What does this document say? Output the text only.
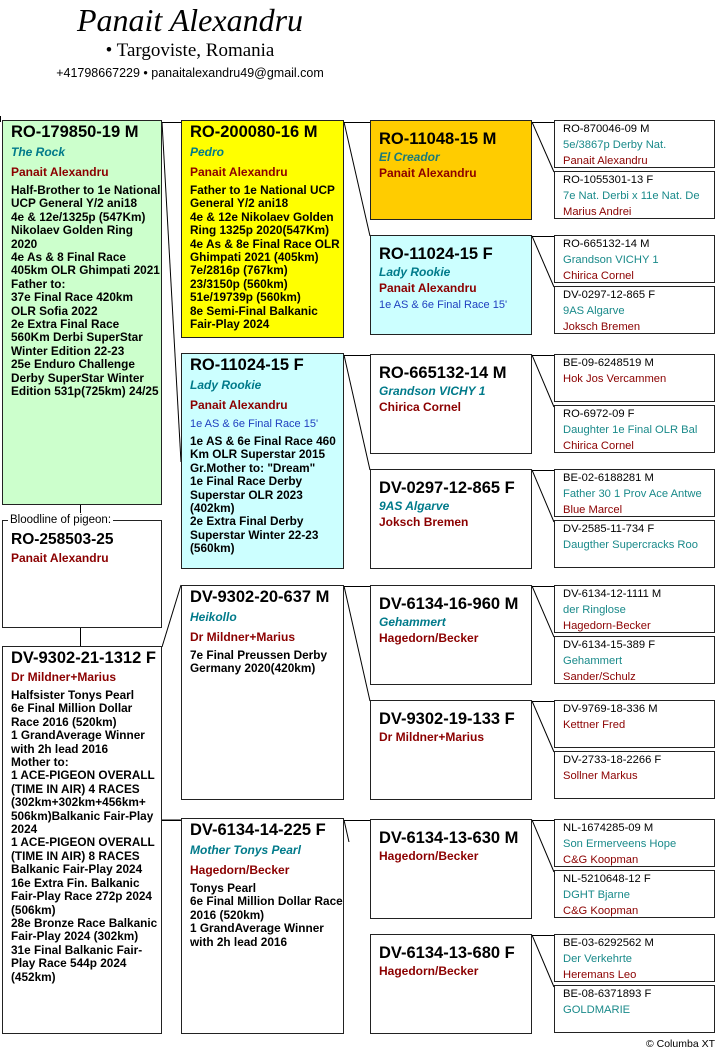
Panait Alexandru
• Targoviste, Romania
+41798667229 • panaitalexandru49@gmail.com
RO-179850-19 M
The Rock
Panait Alexandru
Half-Brother to 1e National UCP General Y/2 ani18
4e & 12e/1325p (547Km) Nikolaev Golden Ring 2020
4e As & 8 Final Race 405km OLR Ghimpati 2021
Father to:
37e Final Race 420km OLR Sofia 2022
2e Extra Final Race 560Km Derbi SuperStar Winter Edition 22-23
25e Enduro Challenge Derby SuperStar Winter Edition 531p(725km) 24/25
RO-258503-25
Panait Alexandru
Bloodline of pigeon:
DV-9302-21-1312 F
Dr Mildner+Marius
Halfsister Tonys Pearl
6e Final Million Dollar Race 2016 (520km)
1 GrandAverage Winner with 2h lead 2016
Mother to:
1 ACE-PIGEON OVERALL (TIME IN AIR) 4 RACES (302km+302km+456km+ 506km)Balkanic Fair-Play 2024
1 ACE-PIGEON OVERALL (TIME IN AIR) 8 RACES Balkanic Fair-Play 2024
16e Extra Fin. Balkanic Fair-Play Race 272p 2024 (506km)
28e Bronze Race Balkanic Fair-Play 2024 (302km)
31e Final Balkanic Fair-Play Race 544p 2024 (452km)
RO-200080-16 M
Pedro
Panait Alexandru
Father to 1e National UCP General Y/2 ani18
4e & 12e Nikolaev Golden Ring 1325p 2020(547Km)
4e As & 8e Final Race OLR Ghimpati 2021 (405km)
7e/2816p (767km)
23/3150p (560km)
51e/19739p (560km)
8e Semi-Final Balkanic Fair-Play 2024
RO-11024-15 F
Lady Rookie
Panait Alexandru
1e AS & 6e Final Race 15'
1e AS & 6e Final Race 460 Km OLR Superstar 2015
Gr.Mother to: "Dream"
1e Final Race Derby Superstar OLR 2023 (402km)
2e Extra Final Derby Superstar Winter 22-23 (560km)
DV-9302-20-637 M
Heikollo
Dr Mildner+Marius
7e Final Preussen Derby Germany 2020(420km)
DV-6134-14-225 F
Mother Tonys Pearl
Hagedorn/Becker
Tonys Pearl
6e Final Million Dollar Race 2016 (520km)
1 GrandAverage Winner with 2h lead 2016
RO-11048-15 M
El Creador
Panait Alexandru
RO-11024-15 F
Lady Rookie
Panait Alexandru
1e AS & 6e Final Race 15'
RO-665132-14 M
Grandson VICHY 1
Chirica Cornel
DV-0297-12-865 F
9AS Algarve
Joksch Bremen
DV-6134-16-960 M
Gehammert
Hagedorn/Becker
DV-9302-19-133 F
Dr Mildner+Marius
DV-6134-13-630 M
Hagedorn/Becker
DV-6134-13-680 F
Hagedorn/Becker
RO-870046-09 M
5e/3867p Derby Nat.
Panait Alexandru
RO-1055301-13 F
7e Nat. Derbi x 11e Nat. De
Marius Andrei
RO-665132-14 M
Grandson VICHY 1
Chirica Cornel
DV-0297-12-865 F
9AS Algarve
Joksch Bremen
BE-09-6248519 M
Hok Jos Vercammen
RO-6972-09 F
Daughter 1e Final OLR Bal
Chirica Cornel
BE-02-6188281 M
Father 30 1 Prov Ace Antwe
Blue Marcel
DV-2585-11-734 F
Daugther Supercracks Roo
DV-6134-12-1111 M
der Ringlose
Hagedorn-Becker
DV-6134-15-389 F
Gehammert
Sander/Schulz
DV-9769-18-336 M
Kettner Fred
DV-2733-18-2266 F
Sollner Markus
NL-1674285-09 M
Son Ermerveens Hope
C&G Koopman
NL-5210648-12 F
DGHT Bjarne
C&G Koopman
BE-03-6292562 M
Der Verkehrte
Heremans Leo
BE-08-6371893 F
GOLDMARIE
© Columba XT
